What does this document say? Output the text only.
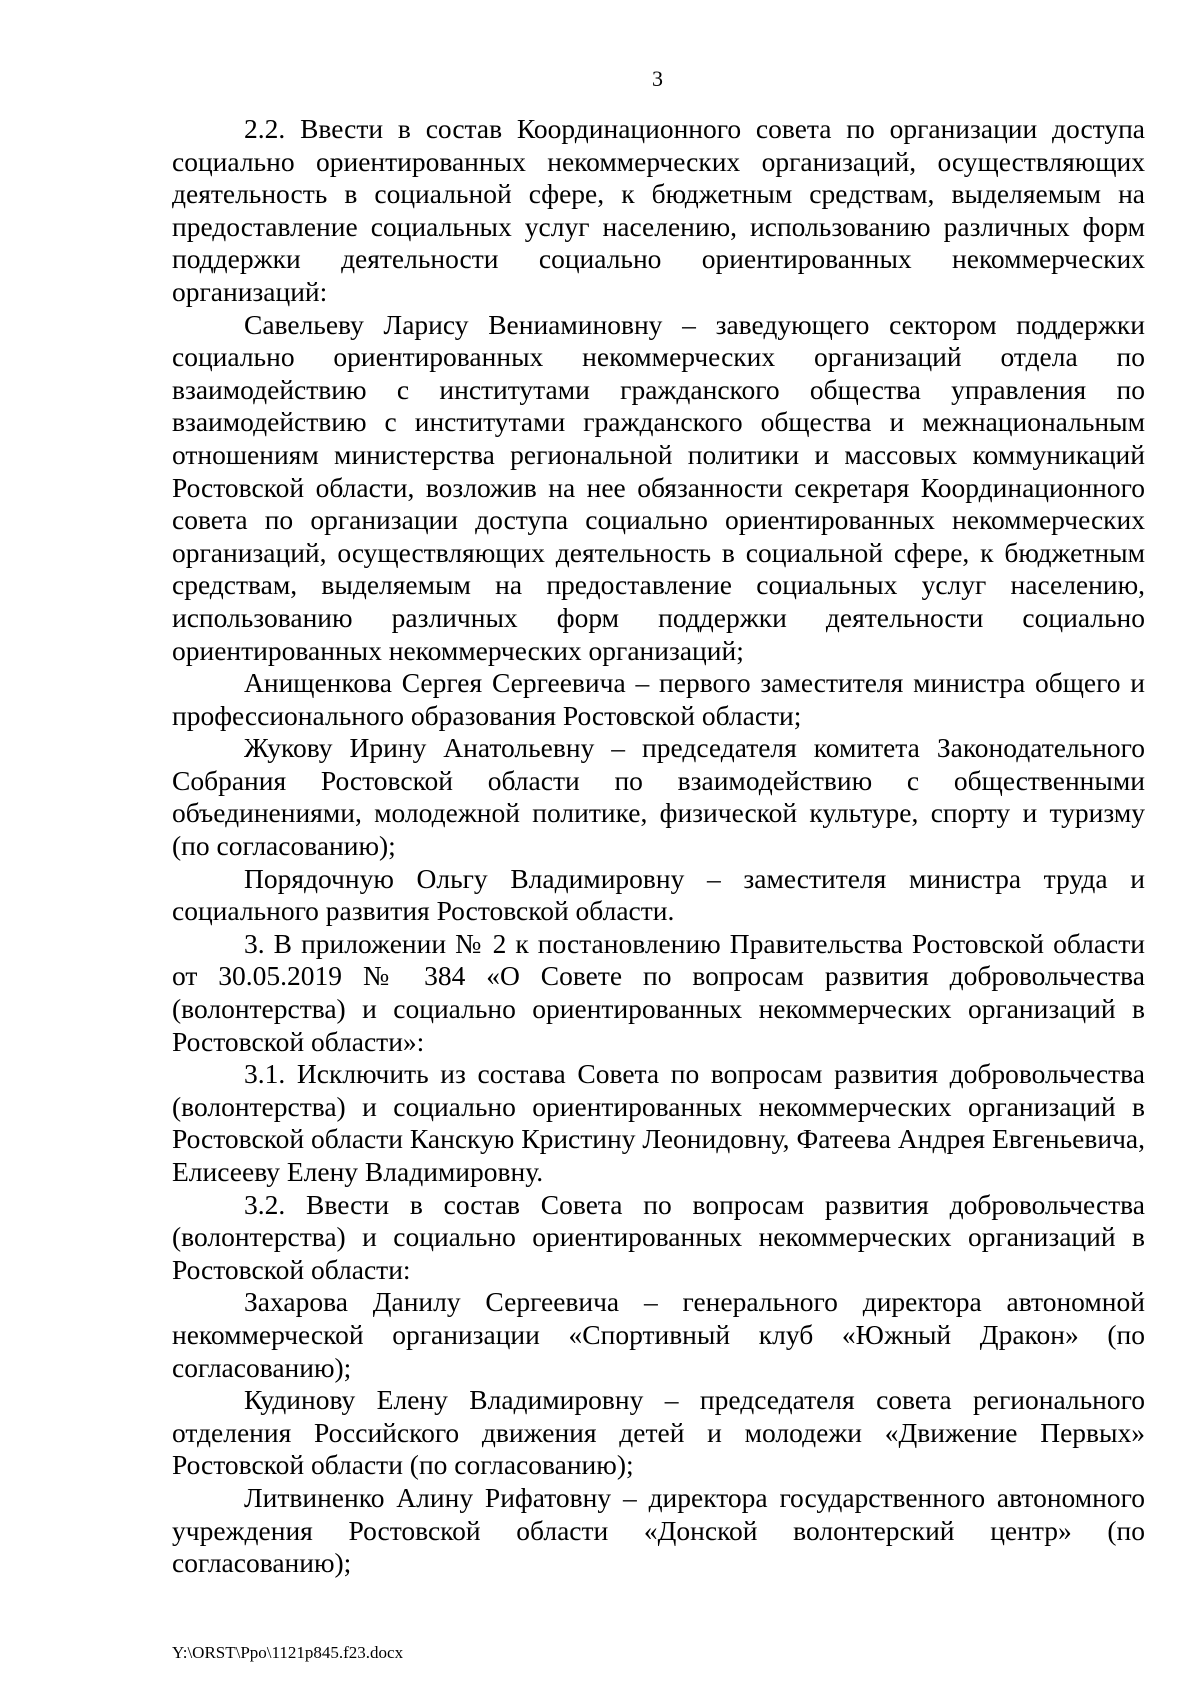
3

2.2. Ввести в состав Координационного совета по организации доступа социально ориентированных некоммерческих организаций, осуществляющих деятельность в социальной сфере, к бюджетным средствам, выделяемым на предоставление социальных услуг населению, использованию различных форм поддержки деятельности социально ориентированных некоммерческих организаций:

Савельеву Ларису Вениаминовну – заведующего сектором поддержки социально ориентированных некоммерческих организаций отдела по взаимодействию с институтами гражданского общества управления по взаимодействию с институтами гражданского общества и межнациональным отношениям министерства региональной политики и массовых коммуникаций Ростовской области, возложив на нее обязанности секретаря Координационного совета по организации доступа социально ориентированных некоммерческих организаций, осуществляющих деятельность в социальной сфере, к бюджетным средствам, выделяемым на предоставление социальных услуг населению, использованию различных форм поддержки деятельности социально ориентированных некоммерческих организаций;

Анищенкова Сергея Сергеевича – первого заместителя министра общего и профессионального образования Ростовской области;

Жукову Ирину Анатольевну – председателя комитета Законодательного Собрания Ростовской области по взаимодействию с общественными объединениями, молодежной политике, физической культуре, спорту и туризму (по согласованию);

Порядочную Ольгу Владимировну – заместителя министра труда и социального развития Ростовской области.

3. В приложении № 2 к постановлению Правительства Ростовской области от 30.05.2019 № 384 «О Совете по вопросам развития добровольчества (волонтерства) и социально ориентированных некоммерческих организаций в Ростовской области»:

3.1. Исключить из состава Совета по вопросам развития добровольчества (волонтерства) и социально ориентированных некоммерческих организаций в Ростовской области Канскую Кристину Леонидовну, Фатеева Андрея Евгеньевича, Елисееву Елену Владимировну.

3.2. Ввести в состав Совета по вопросам развития добровольчества (волонтерства) и социально ориентированных некоммерческих организаций в Ростовской области:

Захарова Данилу Сергеевича – генерального директора автономной некоммерческой организации «Спортивный клуб «Южный Дракон» (по согласованию);

Кудинову Елену Владимировну – председателя совета регионального отделения Российского движения детей и молодежи «Движение Первых» Ростовской области (по согласованию);

Литвиненко Алину Рифатовну – директора государственного автономного учреждения Ростовской области «Донской волонтерский центр» (по согласованию);

Y:\ORST\Ppo\1121p845.f23.docx
